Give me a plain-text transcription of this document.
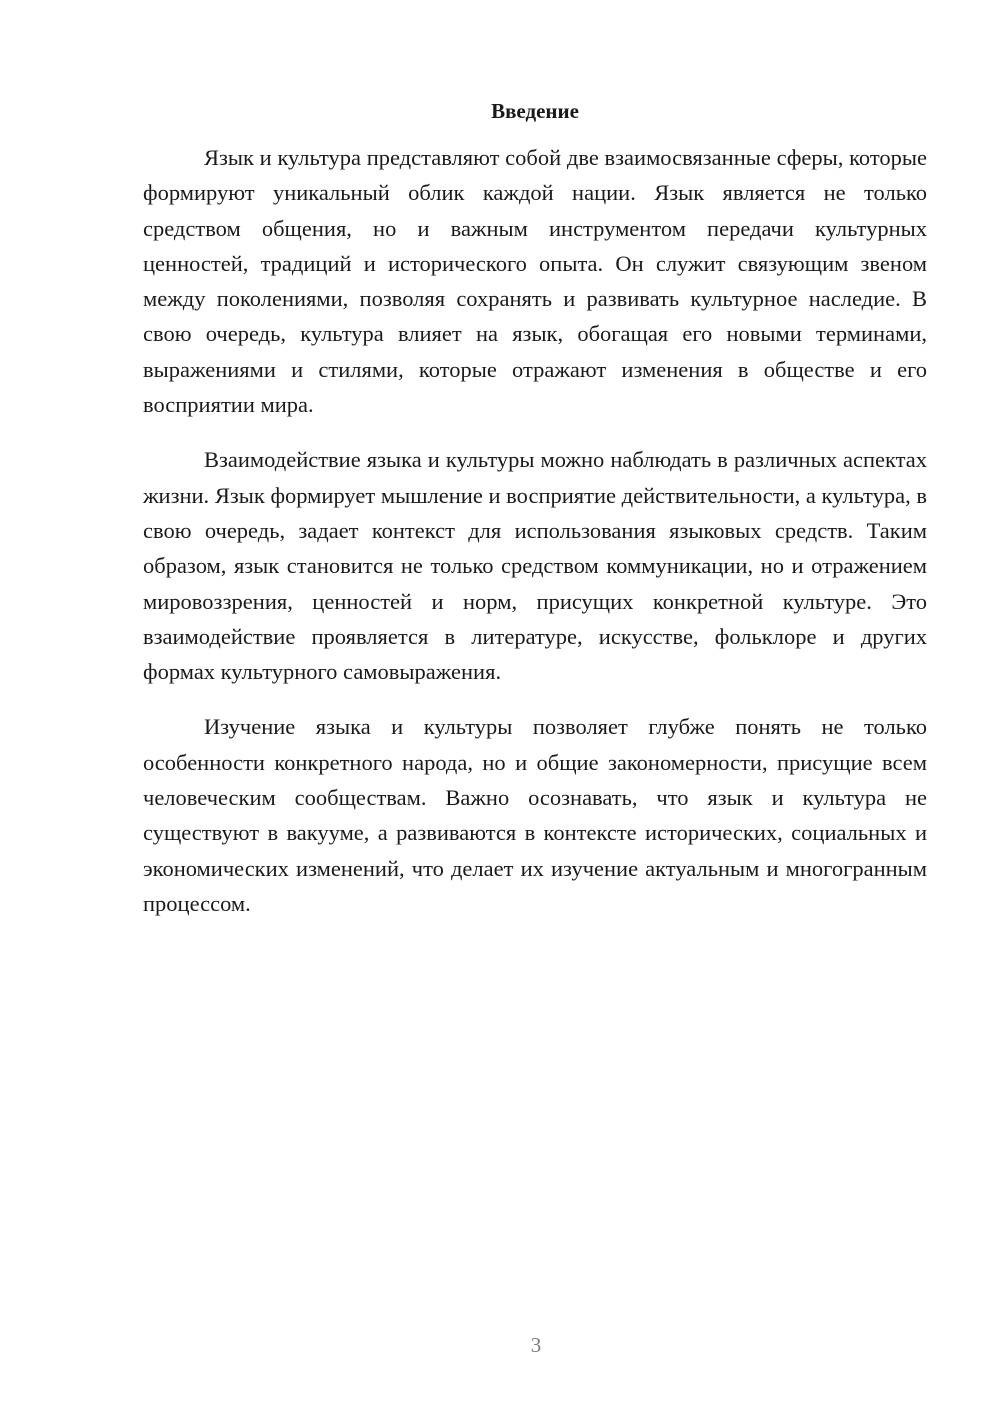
Введение

Язык и культура представляют собой две взаимосвязанные сферы, которые формируют уникальный облик каждой нации. Язык является не только средством общения, но и важным инструментом передачи культурных ценностей, традиций и исторического опыта. Он служит связующим звеном между поколениями, позволяя сохранять и развивать культурное наследие. В свою очередь, культура влияет на язык, обогащая его новыми терминами, выражениями и стилями, которые отражают изменения в обществе и его восприятии мира.

Взаимодействие языка и культуры можно наблюдать в различных аспектах жизни. Язык формирует мышление и восприятие действительности, а культура, в свою очередь, задает контекст для использования языковых средств. Таким образом, язык становится не только средством коммуникации, но и отражением мировоззрения, ценностей и норм, присущих конкретной культуре. Это взаимодействие проявляется в литературе, искусстве, фольклоре и других формах культурного самовыражения.

Изучение языка и культуры позволяет глубже понять не только особенности конкретного народа, но и общие закономерности, присущие всем человеческим сообществам. Важно осознавать, что язык и культура не существуют в вакууме, а развиваются в контексте исторических, социальных и экономических изменений, что делает их изучение актуальным и многогранным процессом.

3
